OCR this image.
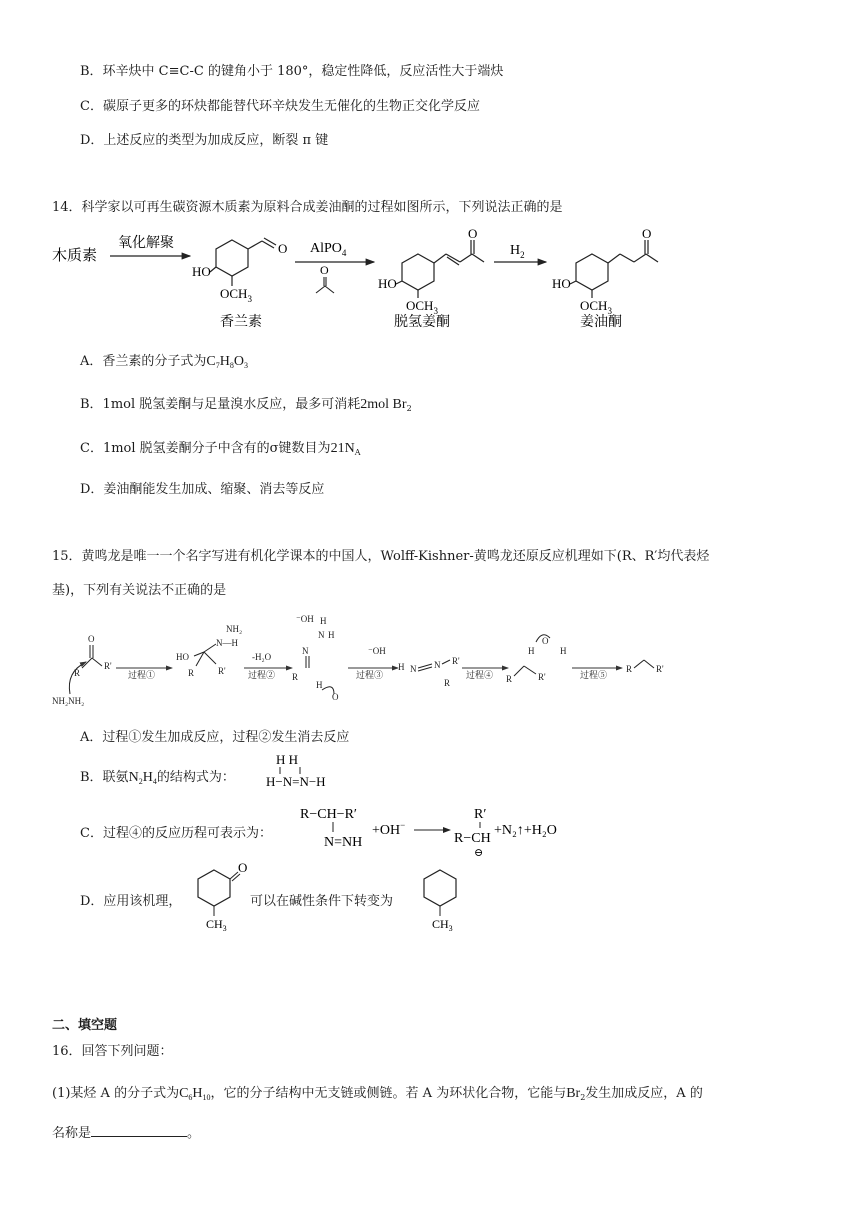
B．环辛炔中 C≡C-C 的键角小于 180°，稳定性降低，反应活性大于端炔
C．碳原子更多的环炔都能替代环辛炔发生无催化的生物正交化学反应
D．上述反应的类型为加成反应，断裂 π 键
14．科学家以可再生碳资源木质素为原料合成姜油酮的过程如图所示，下列说法正确的是
木质素
氧化解聚	O
HO
$OCH_3$
香兰素
AlPO$_4$
O
O
HO
$OCH_3$
脱氢姜酮
$H_2$
O
HO
$OCH_3$
姜油酮
A．香兰素的分子式为$C_7H_8O_3$
B．1mol 脱氢姜酮与足量溴水反应，最多可消耗2mol $Br_2$
C．1mol 脱氢姜酮分子中含有的σ键数目为$21N_A$
D．姜油酮能发生加成、缩聚、消去等反应
15．黄鸣龙是唯一一个名字写进有机化学课本的中国人，Wolff-Kishner-黄鸣龙还原反应机理如下(R、R′均代表烃
基)，下列有关说法不正确的是
O
R
R'
NH₂NH₂
过程①
HO
R	R'
N—H
NH₂
-H₂O
过程②
⁻OH H
N H
N
R
H
O
过程③
⁻OH
H N N R'
R
过程④ R	R'
H
O
H
过程⑤
R	R'
A．过程①发生加成反应，过程②发生消去反应
B．联氨$N_2H_4$的结构式为：
H H
H−N=N−H
C．过程④的反应历程可表示为：
R−CH−R′
N=NH
+OH−
R′
R−CH
⊖
+N₂↑+H₂O
D．应用该机理，
O
$CH_3$
可以在碱性条件下转变为
$CH_3$
二、填空题
16．回答下列问题：
(1)某烃 A 的分子式为$C_6H_{10}$，它的分子结构中无支链或侧链。若 A 为环状化合物，它能与$Br_2$发生加成反应，A 的
名称是	。
